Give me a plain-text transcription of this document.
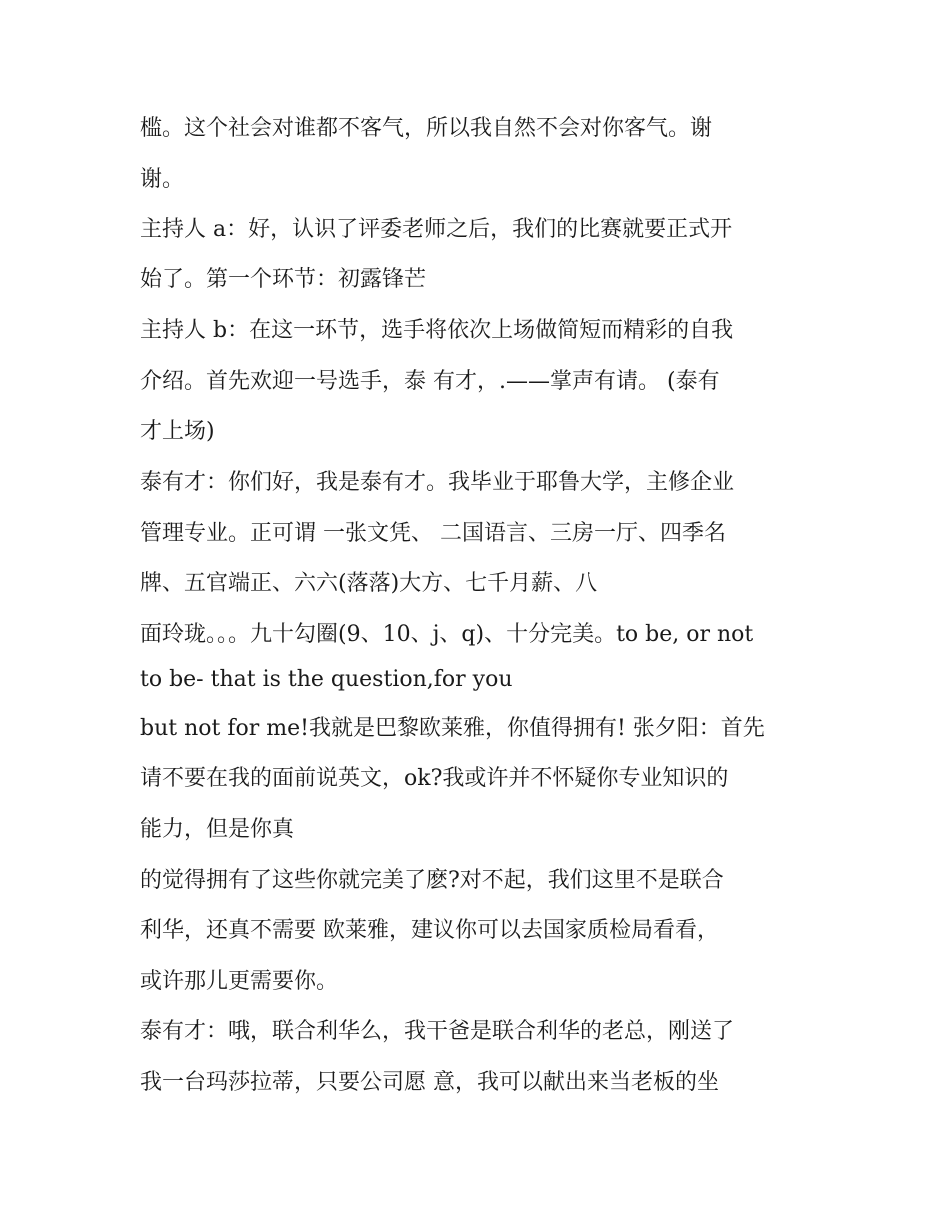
槛。这个社会对谁都不客气，所以我自然不会对你客气。谢
谢。
主持人 a：好，认识了评委老师之后，我们的比赛就要正式开
始了。第一个环节：初露锋芒
主持人 b：在这一环节，选手将依次上场做简短而精彩的自我
介绍。首先欢迎一号选手，泰 有才，.——掌声有请。 (泰有
才上场)
泰有才：你们好，我是泰有才。我毕业于耶鲁大学，主修企业
管理专业。正可谓 一张文凭、 二国语言、三房一厅、四季名
牌、五官端正、六六(落落)大方、七千月薪、八
面玲珑。。。九十勾圈(9、10、j、q)、十分完美。to be, or not
to be- that is the question,for you
but not for me!我就是巴黎欧莱雅，你值得拥有! 张夕阳：首先
请不要在我的面前说英文，ok?我或许并不怀疑你专业知识的
能力，但是你真
的觉得拥有了这些你就完美了麽?对不起，我们这里不是联合
利华，还真不需要 欧莱雅，建议你可以去国家质检局看看，
或许那儿更需要你。
泰有才：哦，联合利华么，我干爸是联合利华的老总，刚送了
我一台玛莎拉蒂，只要公司愿 意，我可以献出来当老板的坐
